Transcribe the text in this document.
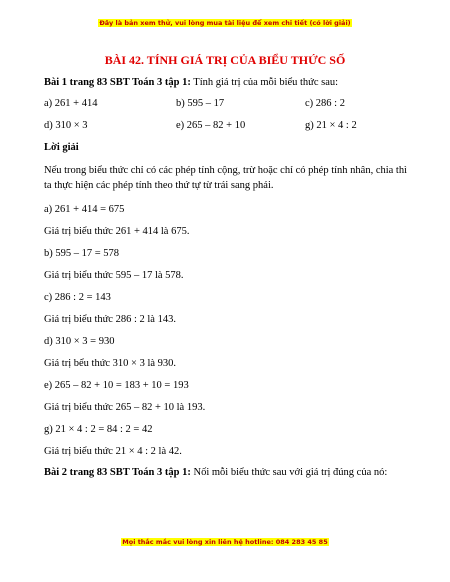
Đây là bản xem thử, vui lòng mua tài liệu để xem chi tiết (có lời giải)
BÀI 42. TÍNH GIÁ TRỊ CỦA BIỂU THỨC SỐ
Bài 1 trang 83 SBT Toán 3 tập 1: Tính giá trị của mỗi biểu thức sau:
a) 261 + 414	b) 595 – 17	c) 286 : 2
d) 310 × 3	e) 265 – 82 + 10	g) 21 × 4 : 2
Lời giải
Nếu trong biểu thức chỉ có các phép tính cộng, trừ hoặc chỉ có phép tính nhân, chia thì ta thực hiện các phép tính theo thứ tự từ trái sang phải.
a) 261 + 414 = 675
Giá trị biểu thức 261 + 414 là 675.
b) 595 – 17 = 578
Giá trị biểu thức 595 – 17 là 578.
c) 286 : 2 = 143
Giá trị biểu thức 286 : 2 là 143.
d) 310 × 3 = 930
Giá trị bểu thức 310 × 3 là 930.
e) 265 – 82 + 10 = 183 + 10 = 193
Giá trị biểu thức 265 – 82 + 10 là 193.
g) 21 × 4 : 2 = 84 : 2 = 42
Giá trị biểu thức 21 × 4 : 2 là 42.
Bài 2 trang 83 SBT Toán 3 tập 1: Nối mỗi biểu thức sau với giá trị đúng của nó:
Mọi thắc mắc vui lòng xin liên hệ hotline: 084 283 45 85
